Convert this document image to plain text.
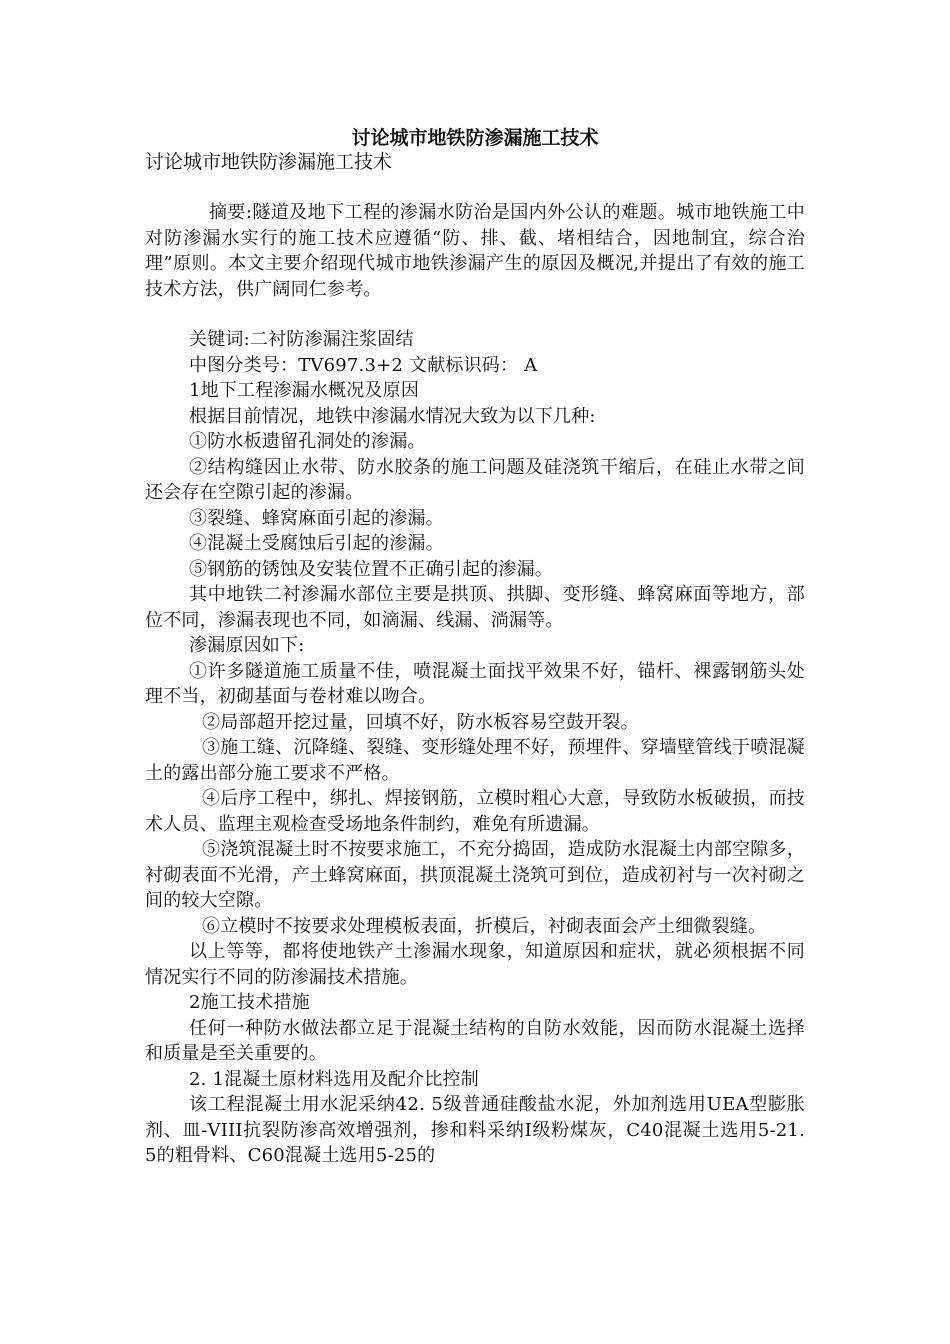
讨论城市地铁防渗漏施工技术

讨论城市地铁防渗漏施工技术

摘要:隧道及地下工程的渗漏水防治是国内外公认的难题。城市地铁施工中对防渗漏水实行的施工技术应遵循“防、排、截、堵相结合，因地制宜，综合治理”原则。本文主要介绍现代城市地铁渗漏产生的原因及概况,并提出了有效的施工技术方法，供广阔同仁参考。

关键词:二衬防渗漏注浆固结

中图分类号：TV697.3+2 文献标识码： A

1地下工程渗漏水概况及原因

根据目前情况，地铁中渗漏水情况大致为以下几种:

①防水板遗留孔洞处的渗漏。

②结构缝因止水带、防水胶条的施工问题及硅浇筑干缩后，在硅止水带之间还会存在空隙引起的渗漏。

③裂缝、蜂窝麻面引起的渗漏。

④混凝土受腐蚀后引起的渗漏。

⑤钢筋的锈蚀及安装位置不正确引起的渗漏。

其中地铁二衬渗漏水部位主要是拱顶、拱脚、变形缝、蜂窝麻面等地方，部位不同，渗漏表现也不同，如滴漏、线漏、淌漏等。

渗漏原因如下:

①许多隧道施工质量不佳，喷混凝土面找平效果不好，锚杆、裸露钢筋头处理不当，初砌基面与卷材难以吻合。

②局部超开挖过量，回填不好，防水板容易空鼓开裂。

③施工缝、沉降缝、裂缝、变形缝处理不好，预埋件、穿墙壁管线于喷混凝土的露出部分施工要求不严格。

④后序工程中，绑扎、焊接钢筋，立模时粗心大意，导致防水板破损，而技术人员、监理主观检查受场地条件制约，难免有所遗漏。

⑤浇筑混凝土时不按要求施工，不充分捣固，造成防水混凝土内部空隙多，衬砌表面不光滑，产土蜂窝麻面，拱顶混凝土浇筑可到位，造成初衬与一次衬砌之间的较大空隙。

⑥立模时不按要求处理模板表面，折模后，衬砌表面会产土细微裂缝。

以上等等，都将使地铁产土渗漏水现象，知道原因和症状，就必须根据不同情况实行不同的防渗漏技术措施。

2施工技术措施

任何一种防水做法都立足于混凝土结构的自防水效能，因而防水混凝土选择和质量是至关重要的。

2. 1混凝土原材料选用及配介比控制

该工程混凝土用水泥采纳42. 5级普通硅酸盐水泥，外加剂选用UEA型膨胀剂、皿-VIII抗裂防渗高效增强剂，掺和料采纳Ⅰ级粉煤灰，C40混凝土选用5-21. 5的粗骨料、C60混凝土选用5-25的
